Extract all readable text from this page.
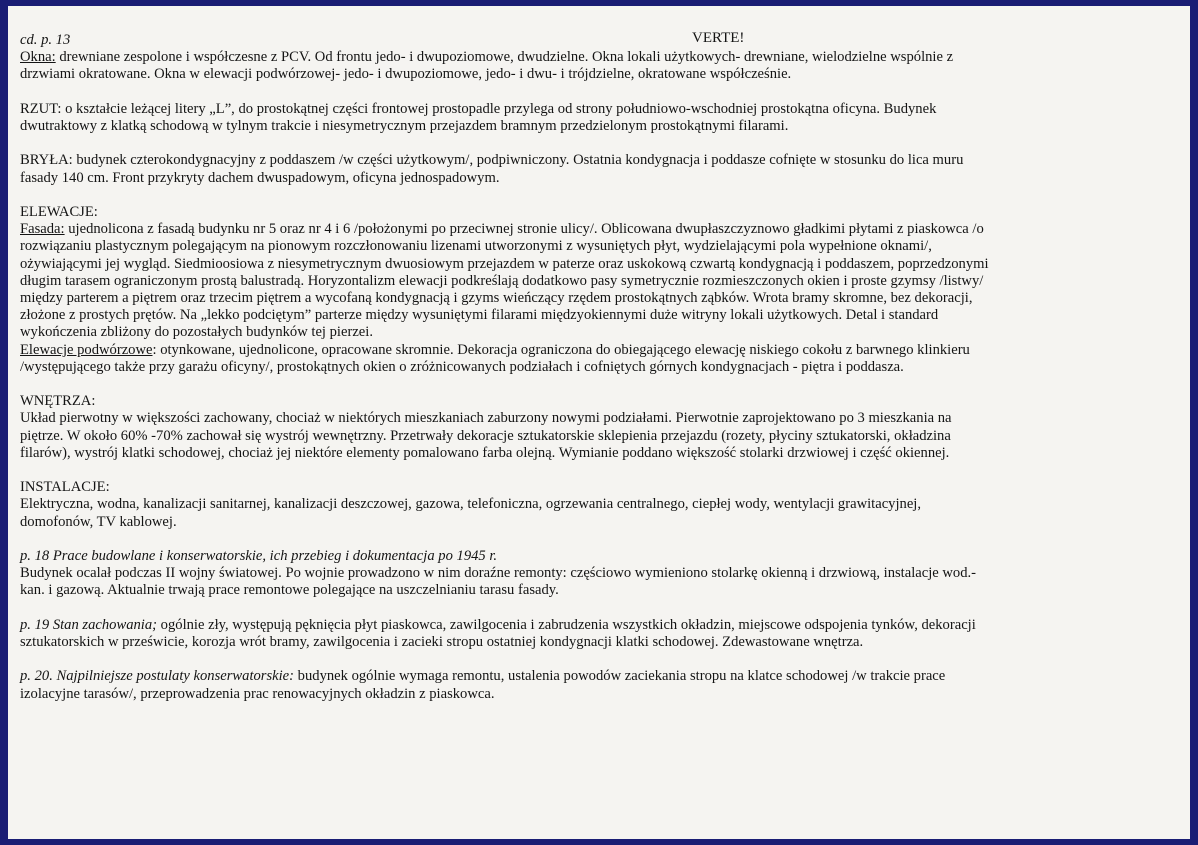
VERTE!
cd. p. 13
Okna: drewniane zespolone i współczesne z PCV. Od frontu jedo- i dwupoziomowe, dwudzielne. Okna lokali użytkowych- drewniane, wielodzielne wspólnie z
drzwiami okratowane. Okna w elewacji podwórzowej- jedo- i dwupoziomowe, jedo- i dwu- i trójdzielne, okratowane współcześnie.
RZUT: o kształcie leżącej litery „L”, do prostokątnej części frontowej prostopadle przylega od strony południowo-wschodniej prostokątna oficyna. Budynek
dwutraktowy z klatką schodową w tylnym trakcie i niesymetrycznym przejazdem bramnym przedzielonym prostokątnymi filarami.
BRYŁA: budynek czterokondygnacyjny z poddaszem /w części użytkowym/, podpiwniczony. Ostatnia kondygnacja i poddasze cofnięte w stosunku do lica muru
fasady 140 cm. Front przykryty dachem dwuspadowym, oficyna jednospadowym.
ELEWACJE:
Fasada: ujednolicona z fasadą budynku nr 5 oraz nr 4 i 6 /położonymi po przeciwnej stronie ulicy/. Oblicowana dwupłaszczyznowo gładkimi płytami z piaskowca /o
rozwiązaniu plastycznym polegającym na pionowym rozczłonowaniu lizenami utworzonymi z wysuniętych płyt, wydzielającymi pola wypełnione oknami/,
ożywiającymi jej wygląd. Siedmioosiowa z niesymetrycznym dwuosiowym przejazdem w paterze oraz uskokową czwartą kondygnacją i poddaszem, poprzedzonymi
długim tarasem ograniczonym prostą balustradą. Horyzontalizm elewacji podkreślają dodatkowo pasy symetrycznie rozmieszczonych okien i proste gzymsy /listwy/
między parterem a piętrem oraz trzecim piętrem a wycofaną kondygnacją i gzyms wieńczący rzędem prostokątnych ząbków. Wrota bramy skromne, bez dekoracji,
złożone z prostych prętów. Na „lekko podciętym” parterze między wysuniętymi filarami międzyokiennymi duże witryny lokali użytkowych. Detal i standard
wykończenia zbliżony do pozostałych budynków tej pierzei.
Elewacje podwórzowe: otynkowane, ujednolicone, opracowane skromnie. Dekoracja ograniczona do obiegającego elewację niskiego cokołu z barwnego klinkieru
/występującego także przy garażu oficyny/, prostokątnych okien o zróżnicowanych podziałach i cofniętych górnych kondygnacjach - piętra i poddasza.
WNĘTRZA:
Układ pierwotny w większości zachowany, chociaż w niektórych mieszkaniach zaburzony nowymi podziałami. Pierwotnie zaprojektowano po 3 mieszkania na
piętrze. W około 60% -70% zachował się wystrój wewnętrzny. Przetrwały dekoracje sztukatorskie sklepienia przejazdu (rozety, płyciny sztukatorski, okładzina
filarów), wystrój klatki schodowej, chociaż jej niektóre elementy pomalowano farba olejną. Wymianie poddano większość stolarki drzwiowej i część okiennej.
INSTALACJE:
Elektryczna, wodna, kanalizacji sanitarnej, kanalizacji deszczowej, gazowa, telefoniczna, ogrzewania centralnego, ciepłej wody, wentylacji grawitacyjnej,
domofonów, TV kablowej.
p. 18 Prace budowlane i konserwatorskie, ich przebieg i dokumentacja po 1945 r.
Budynek ocalał podczas II wojny światowej. Po wojnie prowadzono w nim doraźne remonty: częściowo wymieniono stolarkę okienną i drzwiową, instalacje wod.-
kan. i gazową. Aktualnie trwają prace remontowe polegające na uszczelnianiu tarasu fasady.
p. 19 Stan zachowania; ogólnie zły, występują pęknięcia płyt piaskowca, zawilgocenia i zabrudzenia wszystkich okładzin, miejscowe odspojenia tynków, dekoracji
sztukatorskich w prześwicie, korozja wrót bramy, zawilgocenia i zacieki stropu ostatniej kondygnacji klatki schodowej. Zdewastowane wnętrza.
p. 20. Najpilniejsze postulaty konserwatorskie: budynek ogólnie wymaga remontu, ustalenia powodów zaciekania stropu na klatce schodowej /w trakcie prace
izolacyjne tarasów/, przeprowadzenia prac renowacyjnych okładzin z piaskowca.
